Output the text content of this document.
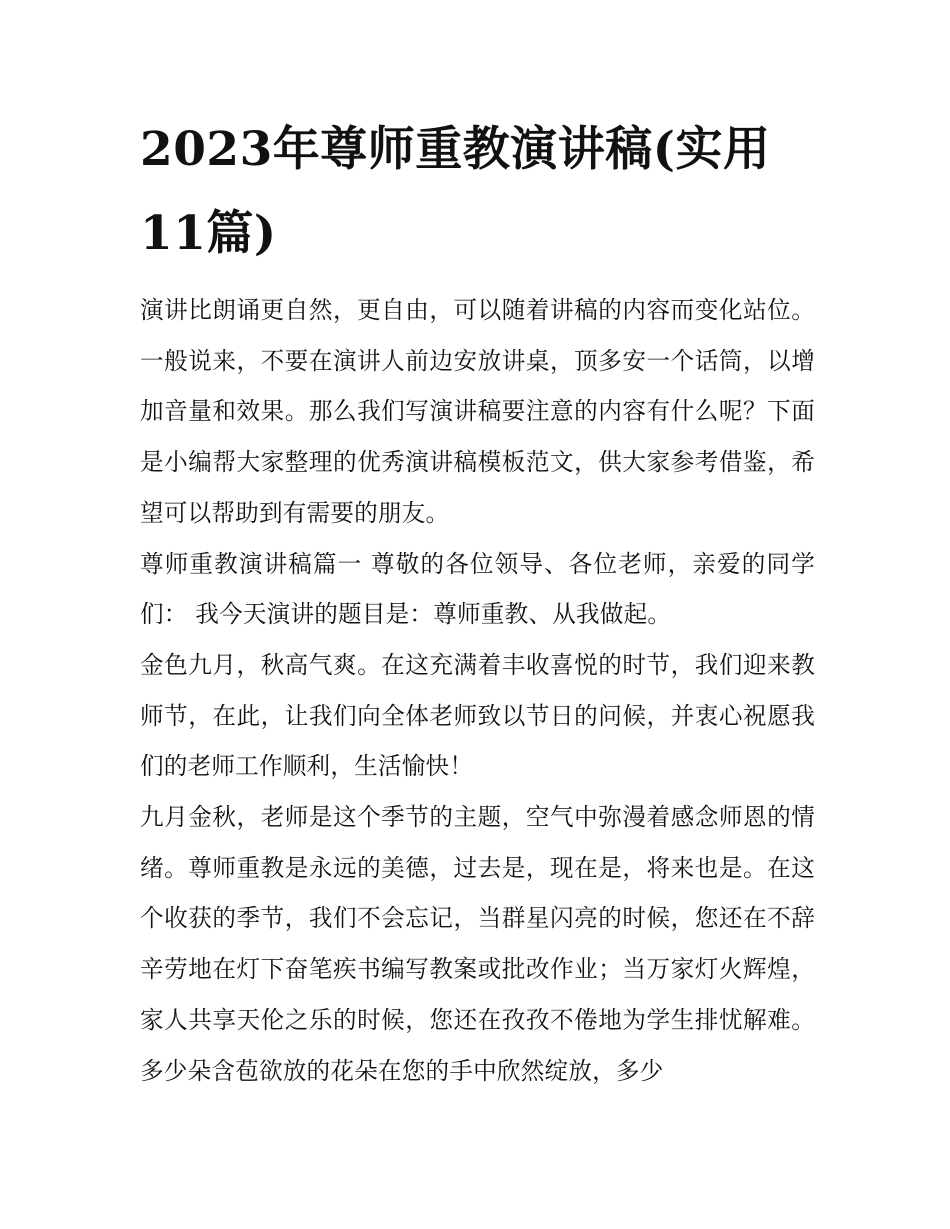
2023年尊师重教演讲稿(实用11篇)

演讲比朗诵更自然，更自由，可以随着讲稿的内容而变化站位。一般说来，不要在演讲人前边安放讲桌，顶多安一个话筒，以增加音量和效果。那么我们写演讲稿要注意的内容有什么呢？下面是小编帮大家整理的优秀演讲稿模板范文，供大家参考借鉴，希望可以帮助到有需要的朋友。

尊师重教演讲稿篇一 尊敬的各位领导、各位老师，亲爱的同学们： 我今天演讲的题目是：尊师重教、从我做起。

金色九月，秋高气爽。在这充满着丰收喜悦的时节，我们迎来教师节，在此，让我们向全体老师致以节日的问候，并衷心祝愿我们的老师工作顺利，生活愉快！

九月金秋，老师是这个季节的主题，空气中弥漫着感念师恩的情绪。尊师重教是永远的美德，过去是，现在是，将来也是。在这个收获的季节，我们不会忘记，当群星闪亮的时候，您还在不辞辛劳地在灯下奋笔疾书编写教案或批改作业；当万家灯火辉煌，家人共享天伦之乐的时候，您还在孜孜不倦地为学生排忧解难。多少朵含苞欲放的花朵在您的手中欣然绽放，多少
